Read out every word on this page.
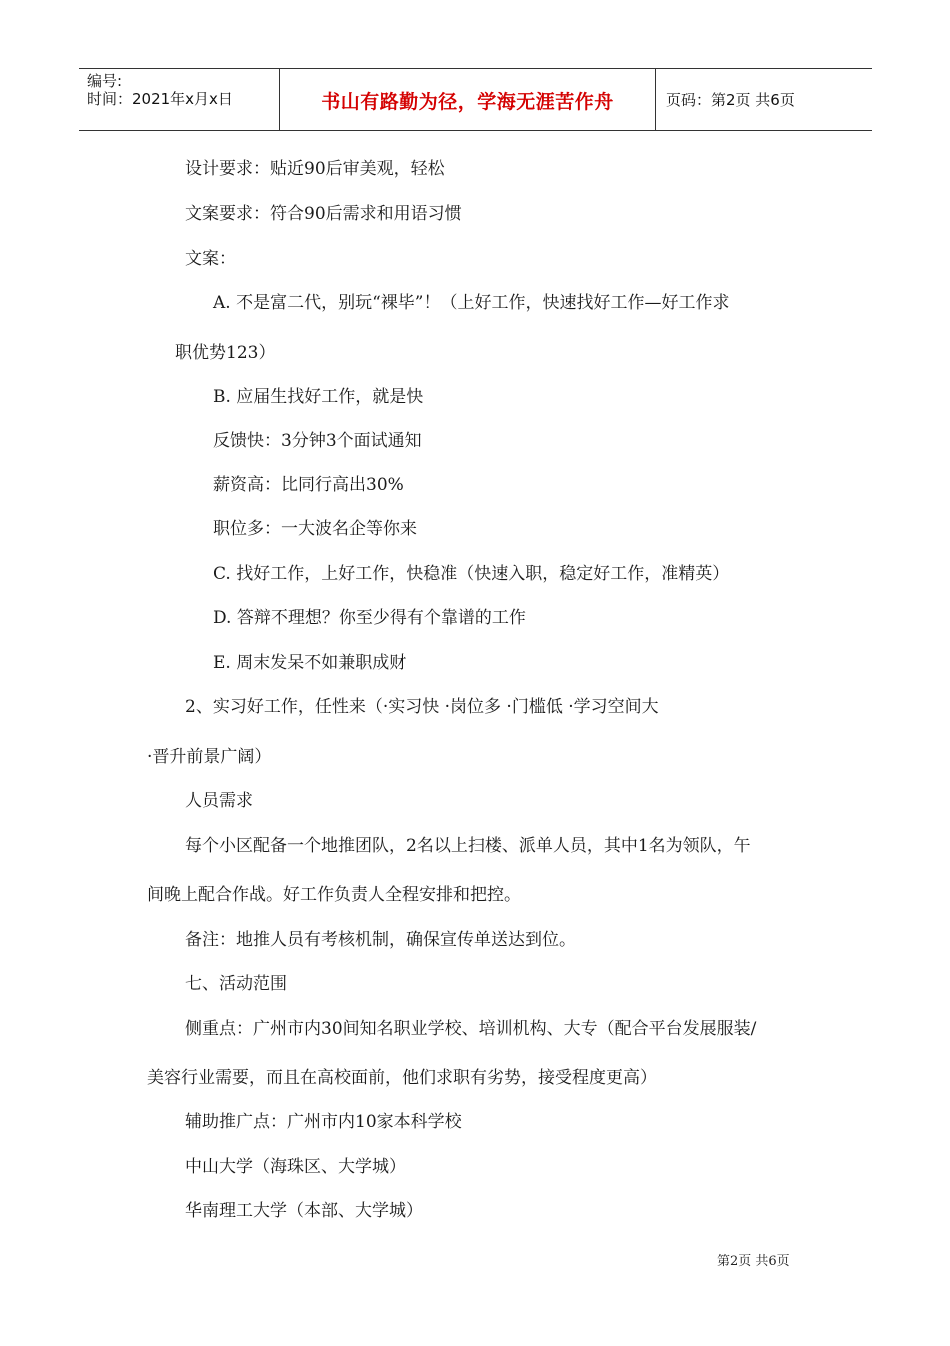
编号:
时间：2021年x月x日	书山有路勤为径，学海无涯苦作舟	页码：第2页 共6页
设计要求：贴近90后审美观，轻松
文案要求：符合90后需求和用语习惯
文案：
A. 不是富二代，别玩“裸毕”！（上好工作，快速找好工作—好工作求
职优势123）
B. 应届生找好工作，就是快
反馈快：3分钟3个面试通知
薪资高：比同行高出30%
职位多：一大波名企等你来
C. 找好工作，上好工作，快稳准（快速入职，稳定好工作，准精英）
D. 答辩不理想？你至少得有个靠谱的工作
E. 周末发呆不如兼职成财
2、实习好工作，任性来（·实习快 ·岗位多 ·门槛低 ·学习空间大
·晋升前景广阔）
人员需求
每个小区配备一个地推团队，2名以上扫楼、派单人员，其中1名为领队，午
间晚上配合作战。好工作负责人全程安排和把控。
备注：地推人员有考核机制，确保宣传单送达到位。
七、活动范围
侧重点：广州市内30间知名职业学校、培训机构、大专（配合平台发展服装/
美容行业需要，而且在高校面前，他们求职有劣势，接受程度更高）
辅助推广点：广州市内10家本科学校
中山大学（海珠区、大学城）
华南理工大学（本部、大学城）
第2页 共6页
